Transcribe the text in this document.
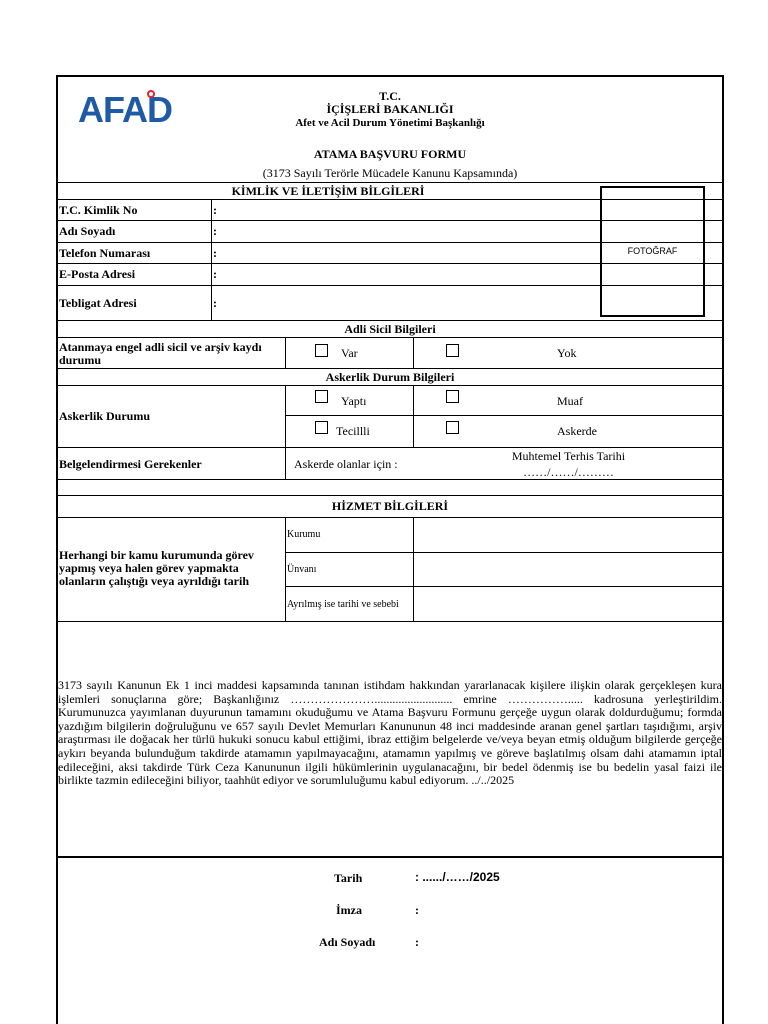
AFAD	T.C.
İÇİŞLERİ BAKANLIĞI
Afet ve Acil Durum Yönetimi Başkanlığı
ATAMA BAŞVURU FORMU
(3173 Sayılı Terörle Mücadele Kanunu Kapsamında)
KİMLİK VE İLETİŞİM BİLGİLERİ
FOTOĞRAF
T.C. Kimlik No	:
Adı Soyadı	:
Telefon Numarası	:
E-Posta Adresi	:
Tebligat Adresi	:
Adli Sicil Bilgileri
Atanmaya engel adli sicil ve arşiv kaydı durumu	Var	Yok
Askerlik Durum Bilgileri
Askerlik Durumu
Yaptı	Muaf
Tecillli	Askerde
Belgelendirmesi Gerekenler	Askerde olanlar için :
Muhtemel Terhis Tarihi
……/……/………
HİZMET BİLGİLERİ
Herhangi bir kamu kurumunda görev yapmış veya halen görev yapmakta olanların çalıştığı veya ayrıldığı tarih
Kurumu
Ünvanı
Ayrılmış ise tarihi ve sebebi
3173 sayılı Kanunun Ek 1 inci maddesi kapsamında tanınan istihdam hakkından yararlanacak kişilere ilişkin olarak gerçekleşen kura işlemleri sonuçlarına göre; Başkanlığınız ………………….......................... emrine ……………..... kadrosuna yerleştirildim. Kurumunuzca yayımlanan duyurunun tamamını okuduğumu ve Atama Başvuru Formunu gerçeğe uygun olarak doldurduğumu; formda yazdığım bilgilerin doğruluğunu ve 657 sayılı Devlet Memurları Kanununun 48 inci maddesinde aranan genel şartları taşıdığımı, arşiv araştırması ile doğacak her türlü hukuki sonucu kabul ettiğimi, ibraz ettiğim belgelerde ve/veya beyan etmiş olduğum bilgilerde gerçeğe aykırı beyanda bulunduğum takdirde atamamın yapılmayacağını, atamamın yapılmış ve göreve başlatılmış olsam dahi atamamın iptal edileceğini, aksi takdirde Türk Ceza Kanununun ilgili hükümlerinin uygulanacağını, bir bedel ödenmiş ise bu bedelin yasal faizi ile birlikte tazmin edileceğini biliyor, taahhüt ediyor ve sorumluluğumu kabul ediyorum. ../../2025
Tarih	: ....../……/2025
İmza	:
Adı Soyadı	:
